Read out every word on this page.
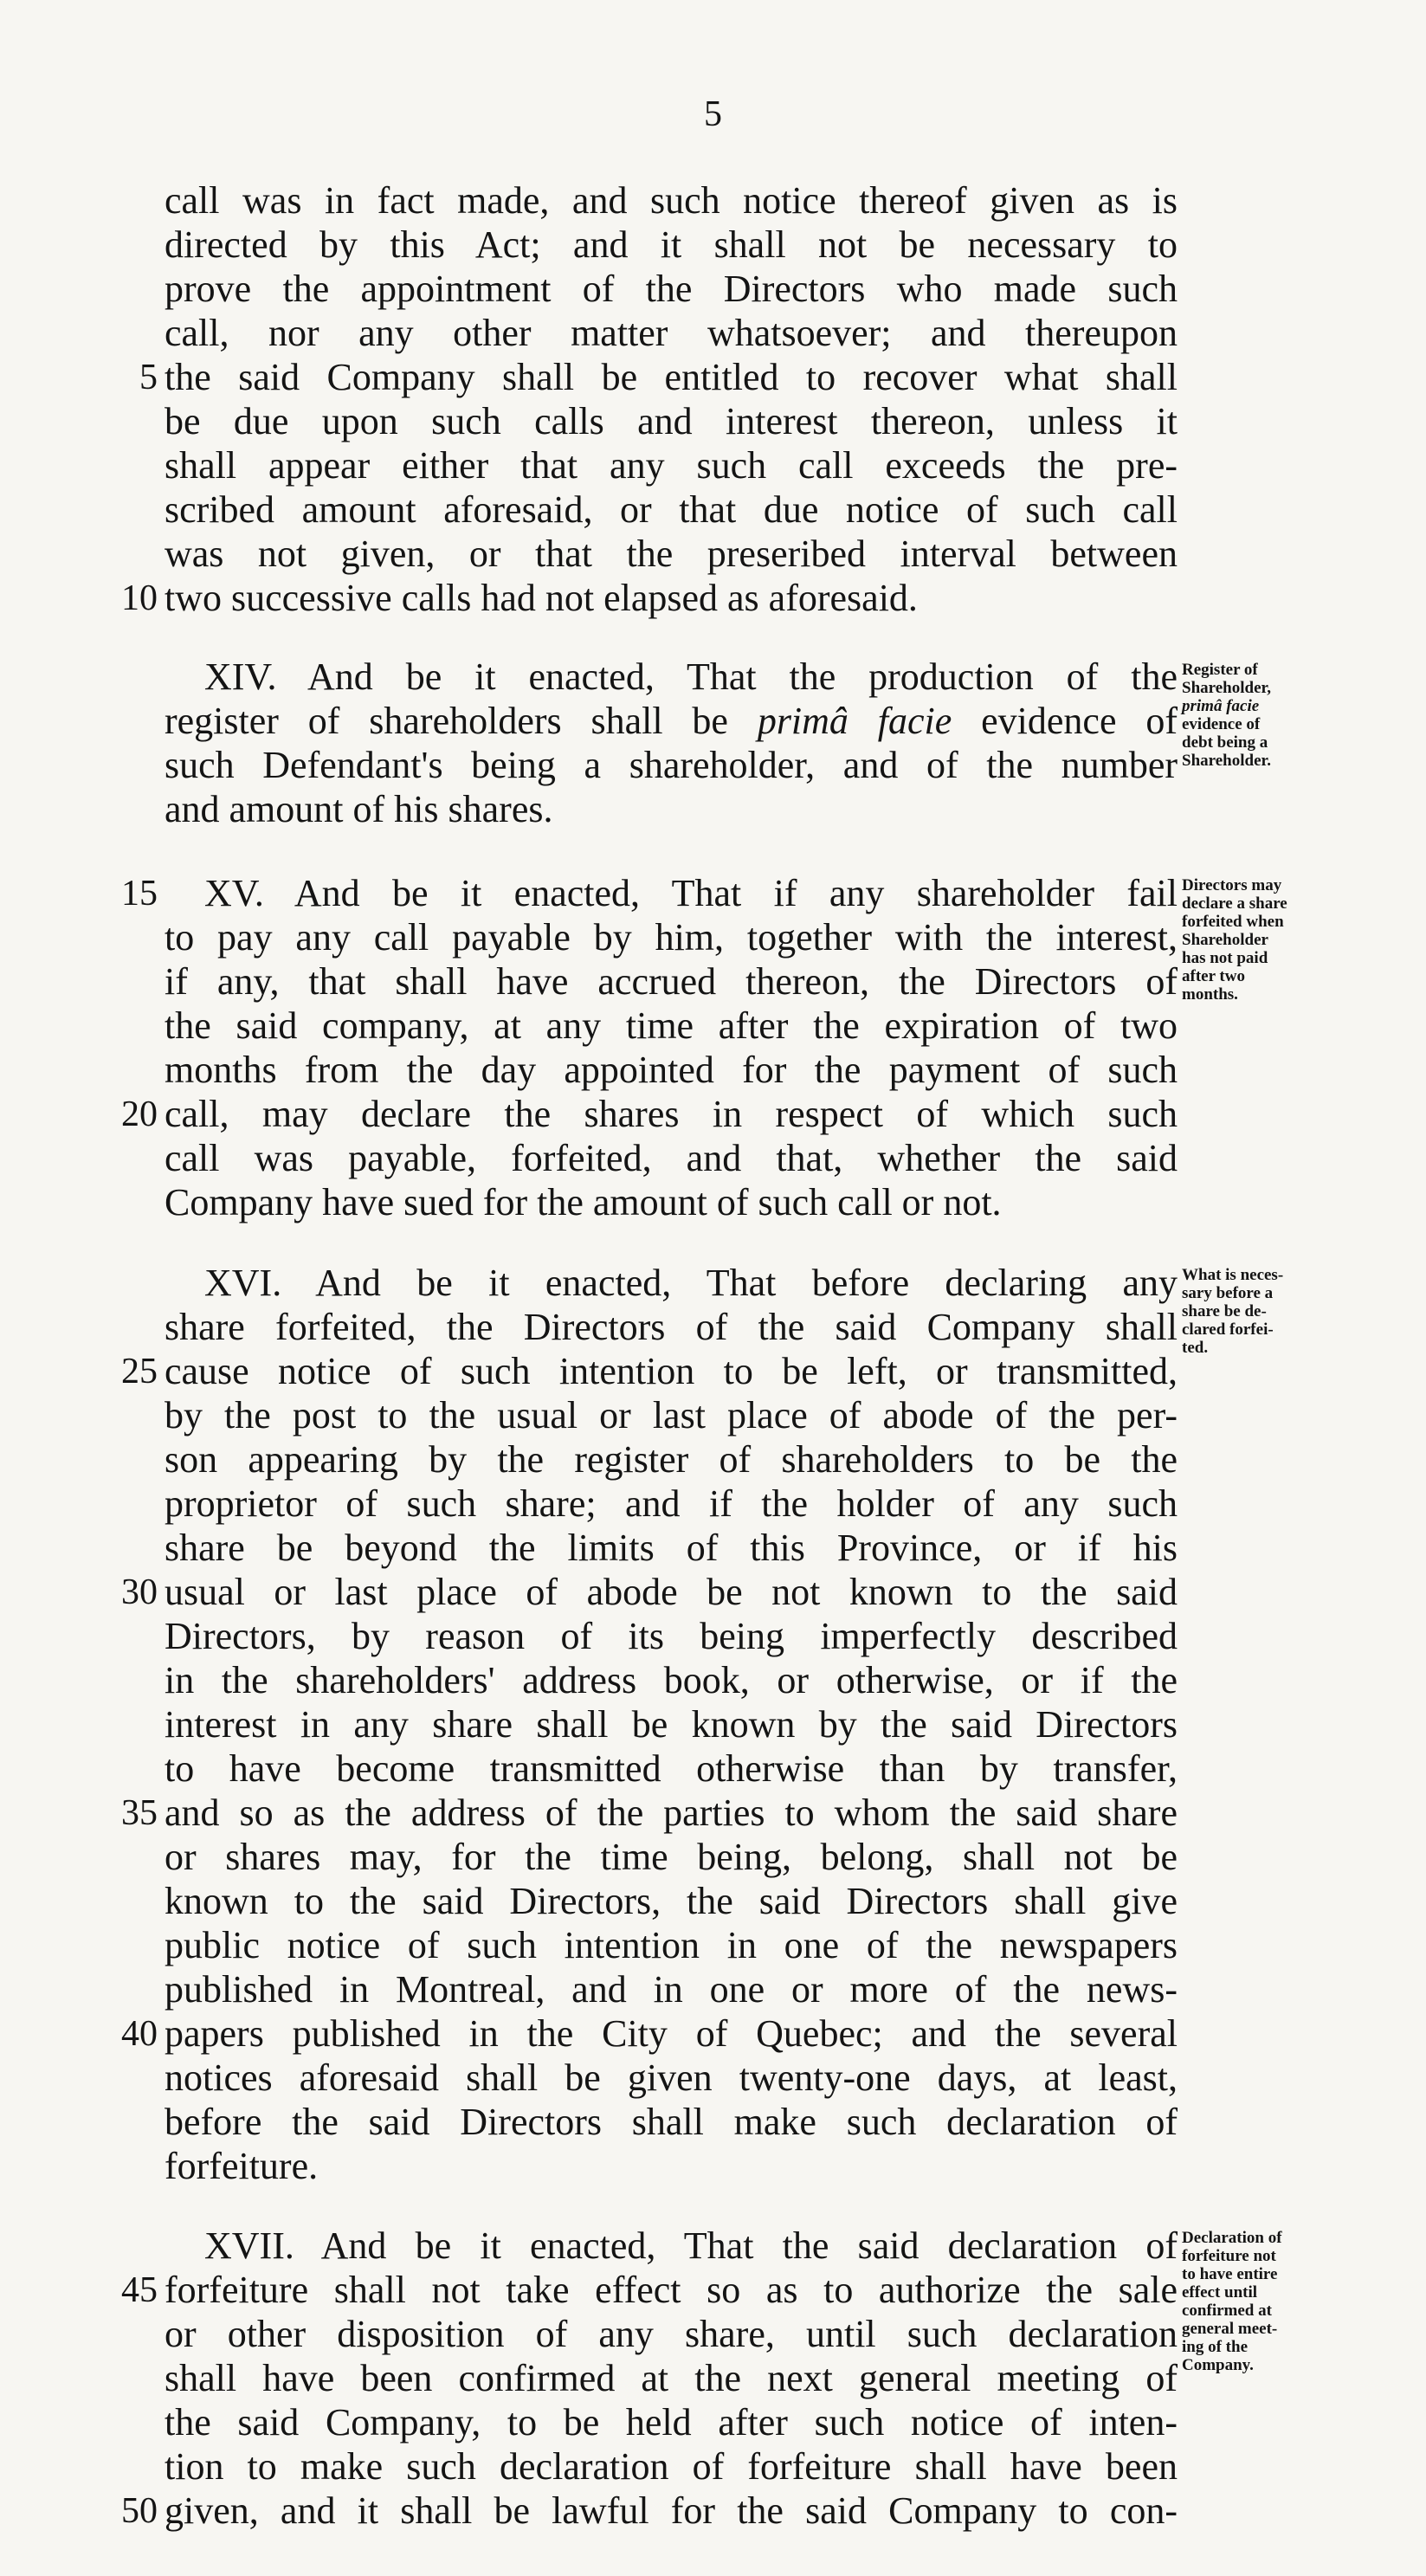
5
call was in fact made, and such notice thereof given as is
directed by this Act; and it shall not be necessary to
prove the appointment of the Directors who made such
call, nor any other matter whatsoever; and thereupon
the said Company shall be entitled to recover what shall
be due upon such calls and interest thereon, unless it
shall appear either that any such call exceeds the pre-
scribed amount aforesaid, or that due notice of such call
was not given, or that the preseribed interval between
two successive calls had not elapsed as aforesaid.
XIV. And be it enacted, That the production of the
register of shareholders shall be primâ facie evidence of
such Defendant's being a shareholder, and of the number
and amount of his shares.
XV. And be it enacted, That if any shareholder fail
to pay any call payable by him, together with the interest,
if any, that shall have accrued thereon, the Directors of
the said company, at any time after the expiration of two
months from the day appointed for the payment of such
call, may declare the shares in respect of which such
call was payable, forfeited, and that, whether the said
Company have sued for the amount of such call or not.
XVI. And be it enacted, That before declaring any
share forfeited, the Directors of the said Company shall
cause notice of such intention to be left, or transmitted,
by the post to the usual or last place of abode of the per-
son appearing by the register of shareholders to be the
proprietor of such share; and if the holder of any such
share be beyond the limits of this Province, or if his
usual or last place of abode be not known to the said
Directors, by reason of its being imperfectly described
in the shareholders' address book, or otherwise, or if the
interest in any share shall be known by the said Directors
to have become transmitted otherwise than by transfer,
and so as the address of the parties to whom the said share
or shares may, for the time being, belong, shall not be
known to the said Directors, the said Directors shall give
public notice of such intention in one of the newspapers
published in Montreal, and in one or more of the news-
papers published in the City of Quebec; and the several
notices aforesaid shall be given twenty-one days, at least,
before the said Directors shall make such declaration of
forfeiture.
XVII. And be it enacted, That the said declaration of
forfeiture shall not take effect so as to authorize the sale
or other disposition of any share, until such declaration
shall have been confirmed at the next general meeting of
the said Company, to be held after such notice of inten-
tion to make such declaration of forfeiture shall have been
given, and it shall be lawful for the said Company to con-
5
10
15
20
25
30
35
40
45
50
Register of
Shareholder,
primâ facie
evidence of
debt being a
Shareholder.
Directors may
declare a share
forfeited when
Shareholder
has not paid
after two
months.
What is neces-
sary before a
share be de-
clared forfei-
ted.
Declaration of
forfeiture not
to have entire
effect until
confirmed at
general meet-
ing of the
Company.
